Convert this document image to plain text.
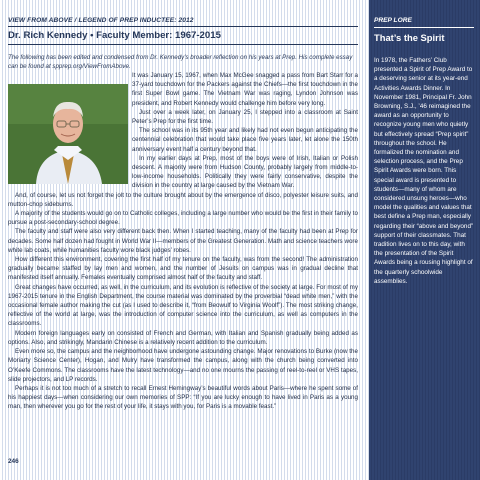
VIEW FROM ABOVE / LEGEND OF PREP INDUCTEE: 2012
Dr. Rich Kennedy • Faculty Member: 1967-2015

The following has been edited and condensed from Dr. Kennedy’s broader reflection on his years at Prep. His complete essay can be found at spprep.org/ViewFromAbove.

It was January 15, 1967, when Max McGee snagged a pass from Bart Starr for a 37-yard touchdown for the Packers against the Chiefs—the first touchdown in the first Super Bowl game. The Vietnam War was raging, Lyndon Johnson was president, and Robert Kennedy would challenge him before very long.

Just over a week later, on January 25, I stepped into a classroom at Saint Peter’s Prep for the first time.

The school was in its 95th year and likely had not even begun anticipating the centennial celebration that would take place five years later, let alone the 150th anniversary event half a century beyond that.

In my earlier days at Prep, most of the boys were of Irish, Italian or Polish descent. A majority were from Hudson County, probably largely from middle-to-low-income households. Politically they were fairly conservative, despite the division in the country at large caused by the Vietnam War.

And, of course, let us not forget the jolt to the culture brought about by the emergence of disco, polyester leisure suits, and mutton-chop sideburns.

A majority of the students would go on to Catholic colleges, including a large number who would be the first in their family to pursue a post-secondary-school degree.

The faculty and staff were also very different back then. When I started teaching, many of the faculty had been at Prep for decades. Some half dozen had fought in World War II—members of the Greatest Generation. Math and science teachers wore white lab coats, while humanities faculty wore black judges’ robes.

How different this environment, covering the first half of my tenure on the faculty, was from the second! The administration gradually became staffed by lay men and women, and the number of Jesuits on campus was in gradual decline that manifested itself annually. Females eventually comprised almost half of the faculty and staff.

Great changes have occurred, as well, in the curriculum, and its evolution is reflective of the society at large. For most of my 1967-2015 tenure in the English Department, the course material was dominated by the proverbial “dead white men,” with the occasional female author making the cut (as I used to describe it, “from Beowulf to Virginia Woolf”). The most striking change, reflective of the world at large, was the introduction of computer science into the curriculum, as well as computers in the classrooms.

Modern foreign languages early on consisted of French and German, with Italian and Spanish gradually being added as options. Also, and strikingly, Mandarin Chinese is a relatively recent addition to the curriculum.

Even more so, the campus and the neighborhood have undergone astounding change. Major renovations to Burke (now the Moriarty Science Center), Hogan, and Mulry have transformed the campus, along with the church being converted into O’Keefe Commons. The classrooms have the latest technology—and no one mourns the passing of reel-to-reel or VHS tapes, slide projectors, and LP records.

Perhaps it is not too much of a stretch to recall Ernest Hemingway’s beautiful words about Paris—where he spent some of his happiest days—when considering our own memories of SPP: “If you are lucky enough to have lived in Paris as a young man, then wherever you go for the rest of your life, it stays with you, for Paris is a movable feast.”

246
PREP LORE

That’s the Spirit

In 1978, the Fathers’ Club presented a Spirit of Prep Award to a deserving senior at its year-end Activities Awards Dinner. In November 1981, Principal Fr. John Browning, S.J., ’46 reimagined the award as an opportunity to recognize young men who quietly but effectively spread “Prep spirit” throughout the school. He formalized the nomination and selection process, and the Prep Spirit Awards were born. This special award is presented to students—many of whom are considered unsung heroes—who model the qualities and values that best define a Prep man, especially regarding their “above and beyond” support of their classmates. That tradition lives on to this day, with the presentation of the Spirit Awards being a rousing highlight of the quarterly schoolwide assemblies.
